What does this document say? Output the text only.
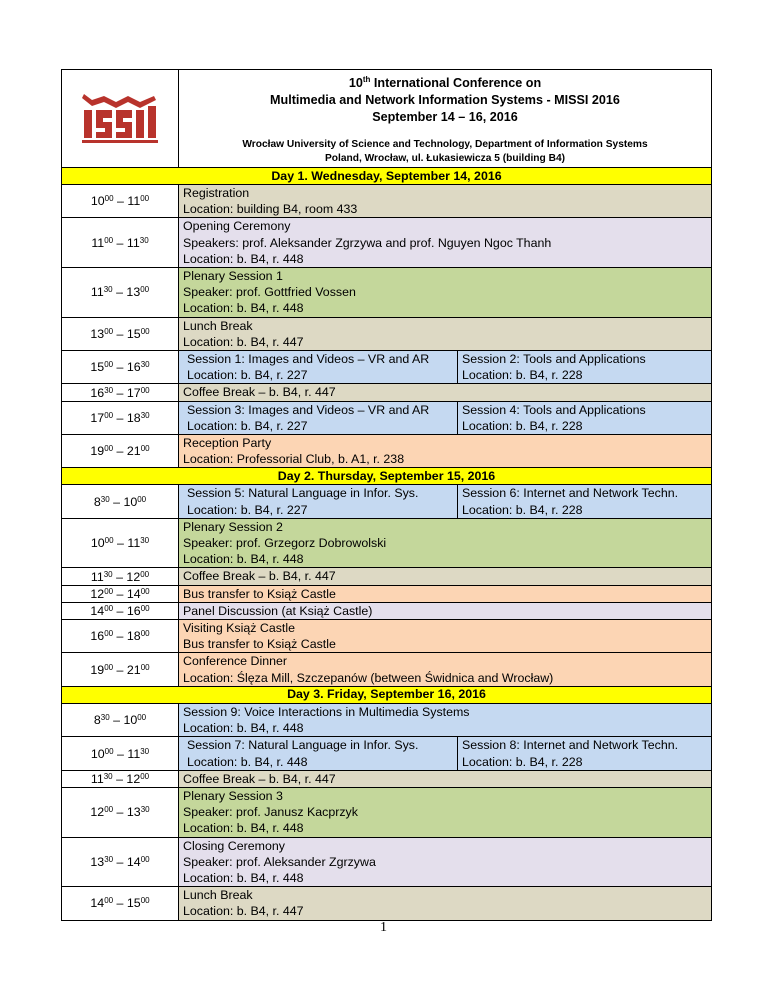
10th International Conference on
Multimedia and Network Information Systems - MISSI 2016
September 14 – 16, 2016
Wrocław University of Science and Technology, Department of Information Systems
Poland, Wrocław, ul. Łukasiewicza 5 (building B4)

Day 1. Wednesday, September 14, 2016	

$10^{00} - 11^{00}$	Registration
Location: building B4, room 433

$11^{00} - 11^{30}$	Opening Ceremony
Speakers: prof. Aleksander Zgrzywa and prof. Nguyen Ngoc Thanh
Location: b. B4, r. 448

$11^{30} - 13^{00}$	Plenary Session 1
Speaker: prof. Gottfried Vossen
Location: b. B4, r. 448

$13^{00} - 15^{00}$	Lunch Break
Location: b. B4, r. 447

$15^{00} - 16^{30}$	Session 1: Images and Videos – VR and AR
Location: b. B4, r. 227
Session 2: Tools and Applications
Location: b. B4, r. 228

$16^{30} - 17^{00}$	Coffee Break – b. B4, r. 447

$17^{00} - 18^{30}$	Session 3: Images and Videos – VR and AR
Location: b. B4, r. 227
Session 4: Tools and Applications
Location: b. B4, r. 228

$19^{00} - 21^{00}$	Reception Party
Location: Professorial Club, b. A1, r. 238

Day 2. Thursday, September 15, 2016	

$8^{30} - 10^{00}$	Session 5: Natural Language in Infor. Sys.
Location: b. B4, r. 227
Session 6: Internet and Network Techn.
Location: b. B4, r. 228

$10^{00} - 11^{30}$	Plenary Session 2
Speaker: prof. Grzegorz Dobrowolski
Location: b. B4, r. 448

$11^{30} - 12^{00}$	Coffee Break – b. B4, r. 447

$12^{00} - 14^{00}$	Bus transfer to Książ Castle

$14^{00} - 16^{00}$	Panel Discussion (at Książ Castle)

$16^{00} - 18^{00}$	Visiting Książ Castle
Bus transfer to Książ Castle

$19^{00} - 21^{00}$	Conference Dinner
Location: Ślęza Mill, Szczepanów (between Świdnica and Wrocław)

Day 3. Friday, September 16, 2016	

$8^{30} - 10^{00}$	Session 9: Voice Interactions in Multimedia Systems
Location: b. B4, r. 448

$10^{00} - 11^{30}$	Session 7: Natural Language in Infor. Sys.
Location: b. B4, r. 448
Session 8: Internet and Network Techn.
Location: b. B4, r. 228

$11^{30} - 12^{00}$	Coffee Break – b. B4, r. 447

$12^{00} - 13^{30}$	Plenary Session 3
Speaker: prof. Janusz Kacprzyk
Location: b. B4, r. 448

$13^{30} - 14^{00}$	Closing Ceremony
Speaker: prof. Aleksander Zgrzywa
Location: b. B4, r. 448

$14^{00} - 15^{00}$	Lunch Break
Location: b. B4, r. 447
1
